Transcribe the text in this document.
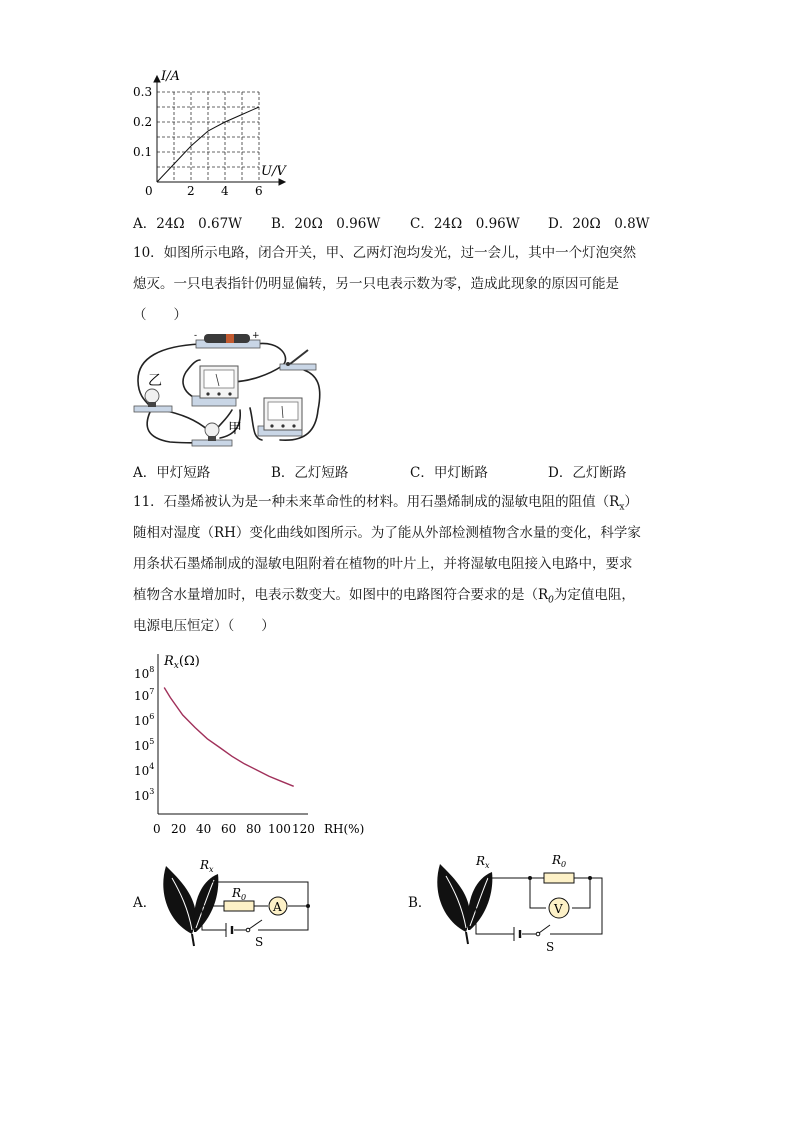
I/A
U/V
0.3
0.2
0.1
0	2 4 6
A．24Ω　0.67W B．20Ω　0.96W C．24Ω　0.96W D．20Ω　0.8W
10．如图所示电路，闭合开关，甲、乙两灯泡均发光，过一会儿，其中一个灯泡突然
熄灭。一只电表指针仍明显偏转，另一只电表示数为零，造成此现象的原因可能是
（　　）
-	+
乙
甲
A．甲灯短路	B．乙灯短路	C．甲灯断路	D．乙灯断路
11．石墨烯被认为是一种未来革命性的材料。用石墨烯制成的湿敏电阻的阻值$(R_x)$
随相对湿度（RH）变化曲线如图所示。为了能从外部检测植物含水量的变化，科学家
用条状石墨烯制成的湿敏电阻附着在植物的叶片上，并将湿敏电阻接入电路中，要求
植物含水量增加时，电表示数变大。如图中的电路图符合要求的是（$R_0$为定值电阻，
电源电压恒定）（　　）
$R_x(\Omega)$
$10^3$
$10^4$
$10^5$
$10^6$
$10^7$
$10^8$
0 20 40 60 80 100 120 RH(%)
A．
$R_x$
$R_0$
A
S
B．
$R_x$	$R_0$
V
S
